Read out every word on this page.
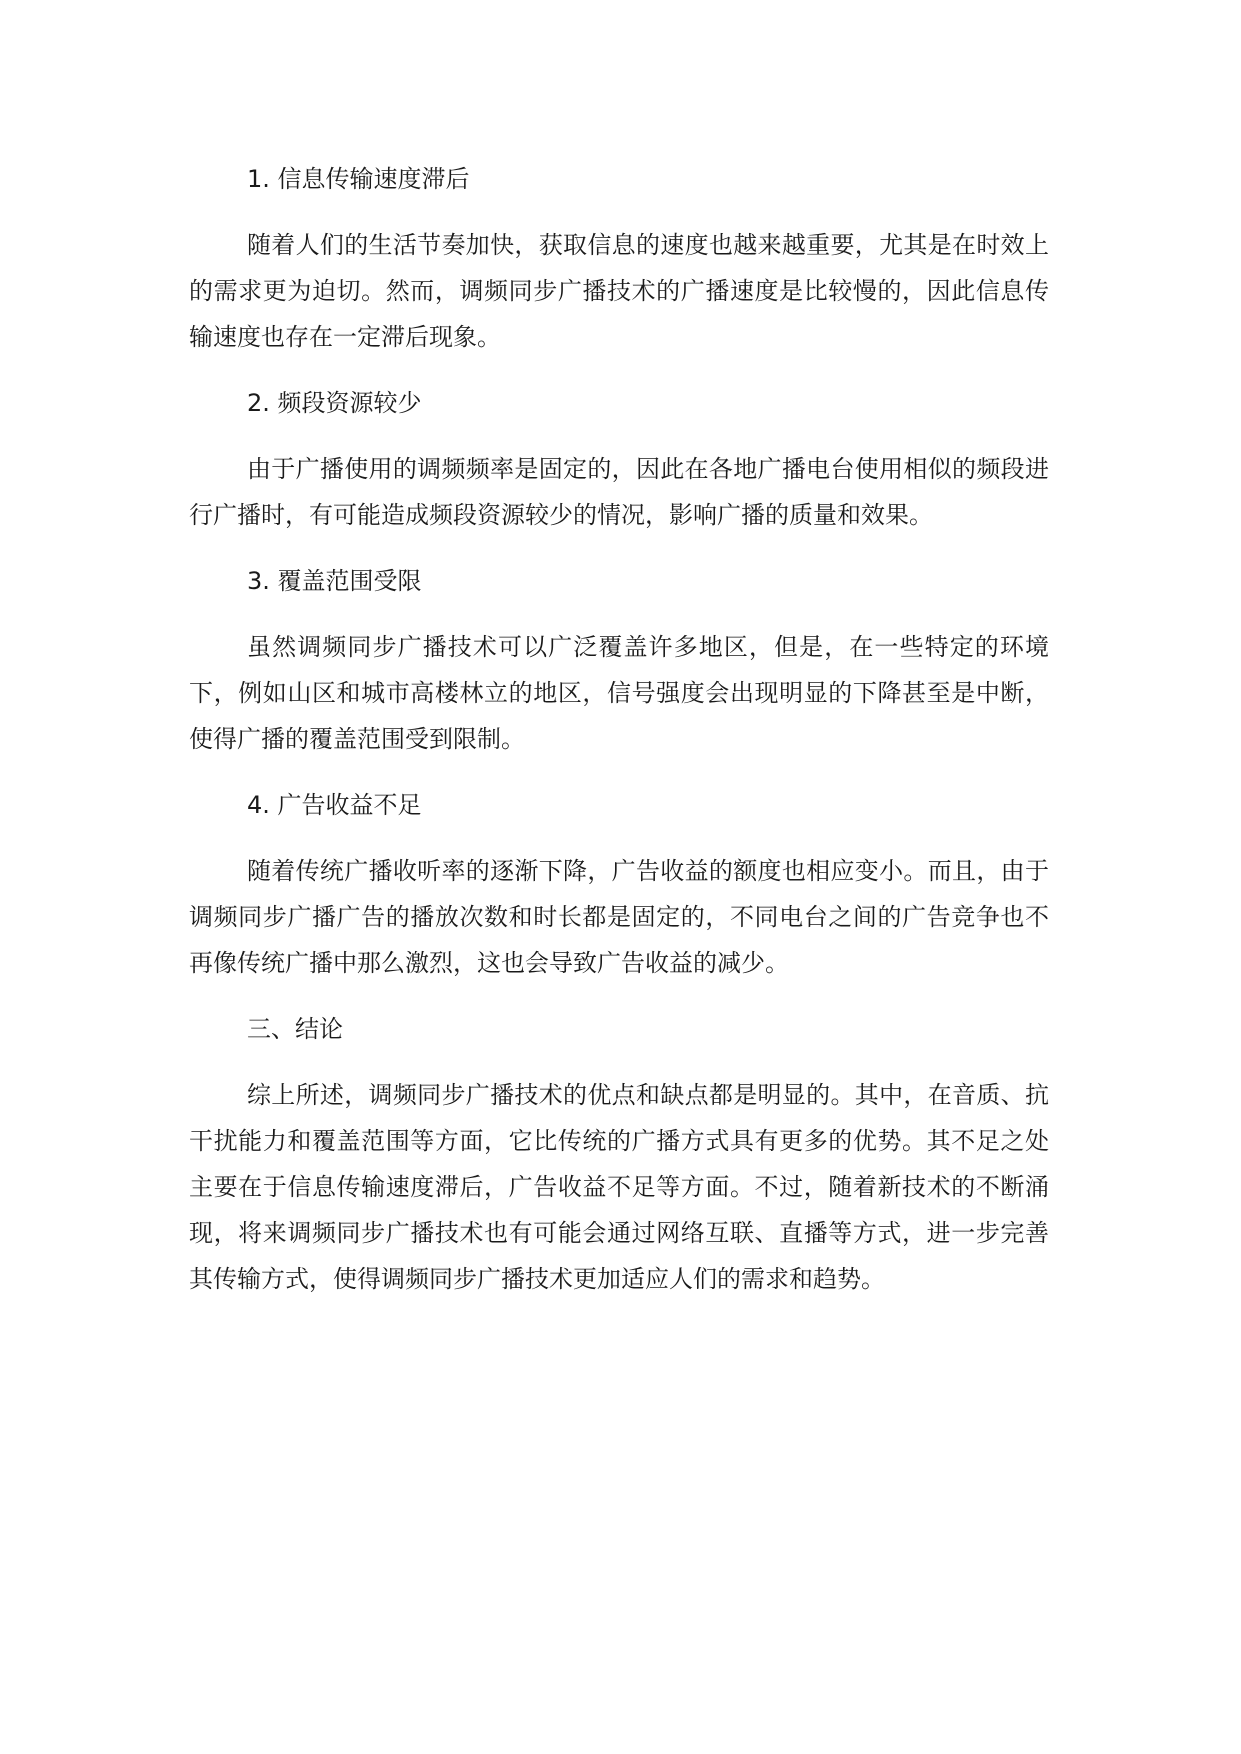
1. 信息传输速度滞后

随着人们的生活节奏加快，获取信息的速度也越来越重要，尤其是在时效上的需求更为迫切。然而，调频同步广播技术的广播速度是比较慢的，因此信息传输速度也存在一定滞后现象。

2. 频段资源较少

由于广播使用的调频频率是固定的，因此在各地广播电台使用相似的频段进行广播时，有可能造成频段资源较少的情况，影响广播的质量和效果。

3. 覆盖范围受限

虽然调频同步广播技术可以广泛覆盖许多地区，但是，在一些特定的环境下，例如山区和城市高楼林立的地区，信号强度会出现明显的下降甚至是中断，使得广播的覆盖范围受到限制。

4. 广告收益不足

随着传统广播收听率的逐渐下降，广告收益的额度也相应变小。而且，由于调频同步广播广告的播放次数和时长都是固定的，不同电台之间的广告竞争也不再像传统广播中那么激烈，这也会导致广告收益的减少。

三、结论

综上所述，调频同步广播技术的优点和缺点都是明显的。其中，在音质、抗干扰能力和覆盖范围等方面，它比传统的广播方式具有更多的优势。其不足之处主要在于信息传输速度滞后，广告收益不足等方面。不过，随着新技术的不断涌现，将来调频同步广播技术也有可能会通过网络互联、直播等方式，进一步完善其传输方式，使得调频同步广播技术更加适应人们的需求和趋势。
